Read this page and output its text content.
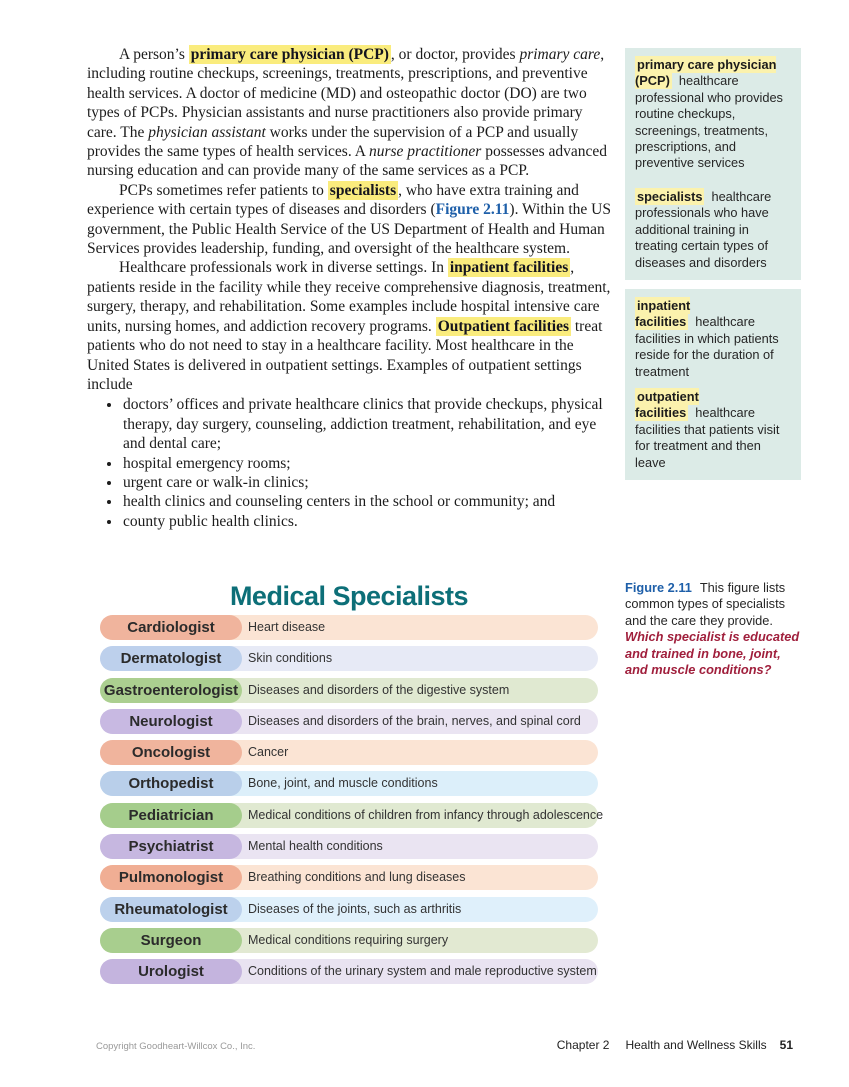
A person’s primary care physician (PCP) , or doctor, provides primary care, including routine checkups, screenings, treatments, prescriptions, and preventive health services. A doctor of medicine (MD) and osteopathic doctor (DO) are two types of PCPs. Physician assistants and nurse practitioners also provide primary care. The physician assistant works under the supervision of a PCP and usually provides the same types of health services. A nurse practitioner possesses advanced nursing education and can provide many of the same services as a PCP.

PCPs sometimes refer patients to specialists , who have extra training and experience with certain types of diseases and disorders (Figure 2.11). Within the US government, the Public Health Service of the US Department of Health and Human Services provides leadership, funding, and oversight of the healthcare system.

Healthcare professionals work in diverse settings. In inpatient facilities , patients reside in the facility while they receive comprehensive diagnosis, treatment, surgery, therapy, and rehabilitation. Some examples include hospital intensive care units, nursing homes, and addiction recovery programs. Outpatient facilities treat patients who do not need to stay in a healthcare facility. Most healthcare in the United States is delivered in outpatient settings. Examples of outpatient settings include

• doctors’ offices and private healthcare clinics that provide checkups, physical therapy, day surgery, counseling, addiction treatment, rehabilitation, and eye and dental care;
• hospital emergency rooms;
• urgent care or walk-in clinics;
• health clinics and counseling centers in the school or community; and
• county public health clinics.
Medical Specialists
Cardiologist	Heart disease
Dermatologist	Skin conditions
Gastroenterologist Diseases and disorders of the digestive system
Neurologist	Diseases and disorders of the brain, nerves, and spinal cord
Oncologist	Cancer
Orthopedist	Bone, joint, and muscle conditions
Pediatrician	Medical conditions of children from infancy through adolescence
Psychiatrist	Mental health conditions
Pulmonologist	Breathing conditions and lung diseases
Rheumatologist	Diseases of the joints, such as arthritis
Surgeon	Medical conditions requiring surgery
Urologist	Conditions of the urinary system and male reproductive system
primary care physician (PCP) healthcare professional who provides routine checkups, screenings, treatments, prescriptions, and preventive services
specialists healthcare professionals who have additional training in treating certain types of diseases and disorders
inpatient facilities healthcare facilities in which patients reside for the duration of treatment
outpatient facilities healthcare facilities that patients visit for treatment and then leave
Figure 2.11 This figure lists common types of specialists and the care they provide. Which specialist is educated and trained in bone, joint, and muscle conditions?
Copyright Goodheart-Willcox Co., Inc.	Chapter 2 Health and Wellness Skills 51
